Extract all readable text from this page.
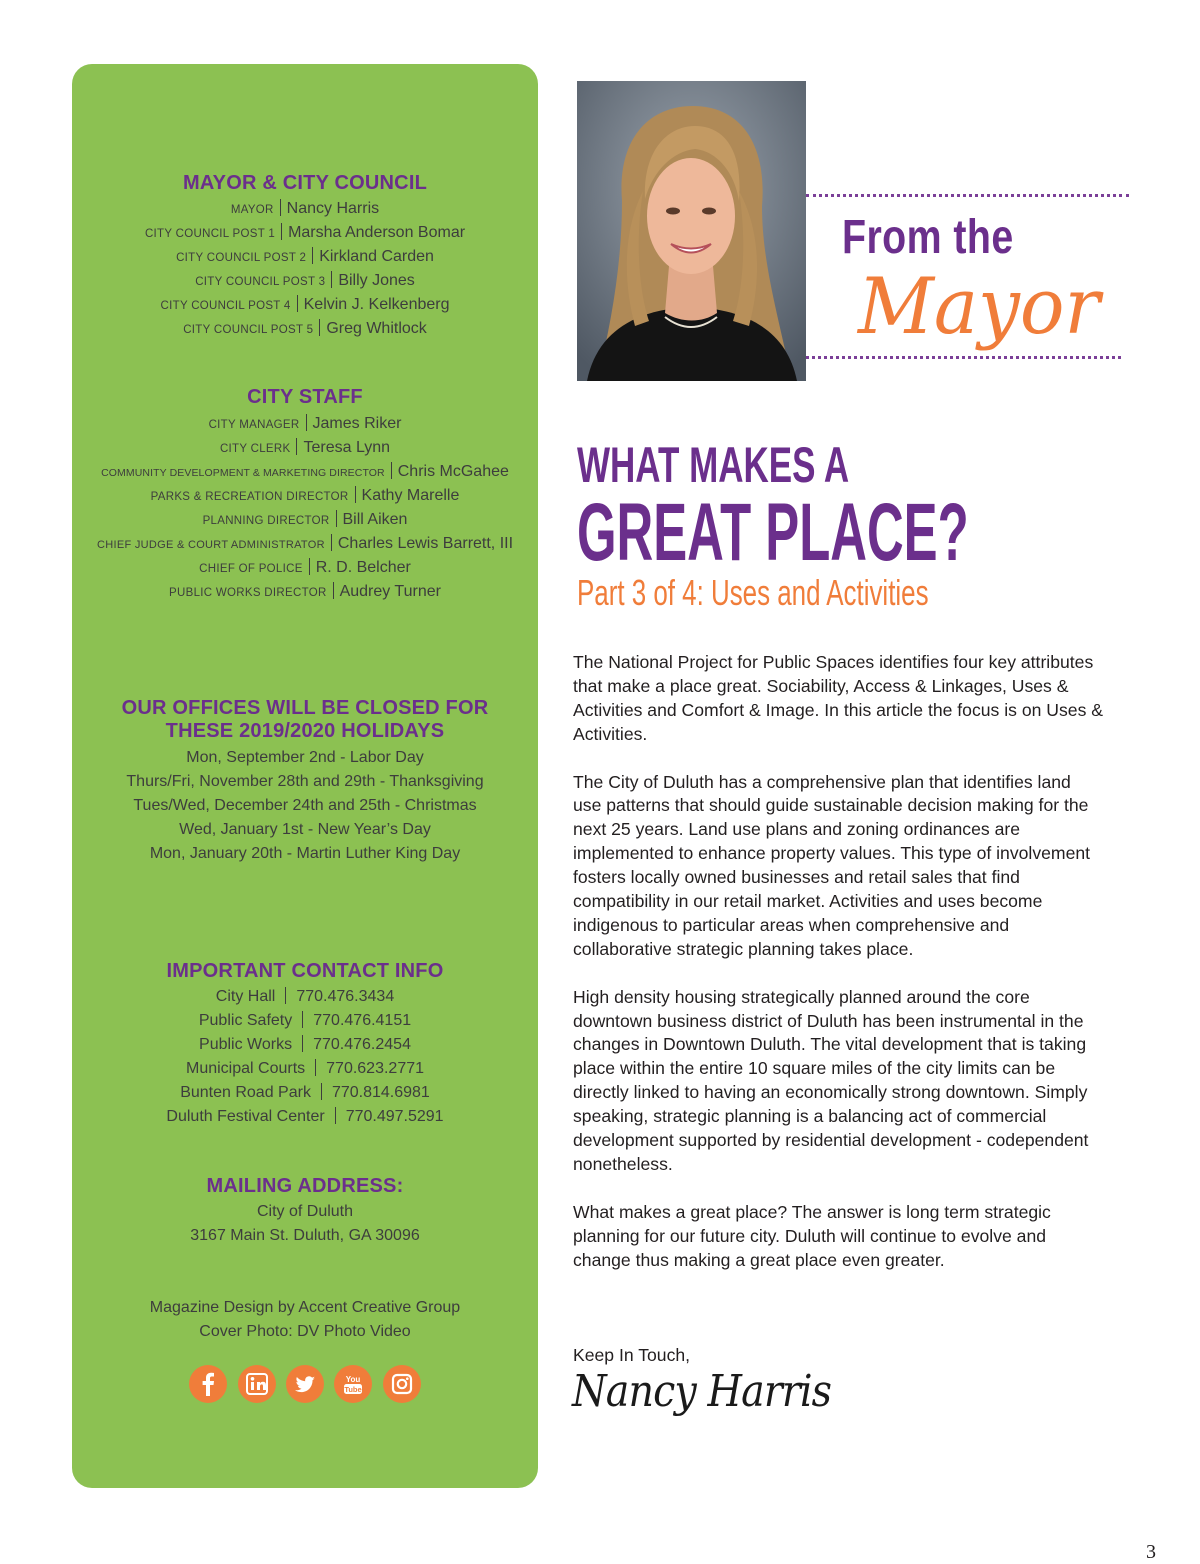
MAYOR & CITY COUNCIL
MAYOR Nancy Harris
CITY COUNCIL POST 1 Marsha Anderson Bomar
CITY COUNCIL POST 2 Kirkland Carden
CITY COUNCIL POST 3 Billy Jones
CITY COUNCIL POST 4 Kelvin J. Kelkenberg
CITY COUNCIL POST 5 Greg Whitlock
CITY STAFF
CITY MANAGER James Riker
CITY CLERK Teresa Lynn
COMMUNITY DEVELOPMENT & MARKETING DIRECTOR Chris McGahee
PARKS & RECREATION DIRECTOR Kathy Marelle
PLANNING DIRECTOR Bill Aiken
CHIEF JUDGE & COURT ADMINISTRATOR Charles Lewis Barrett, III
CHIEF OF POLICE R. D. Belcher
PUBLIC WORKS DIRECTOR Audrey Turner
OUR OFFICES WILL BE CLOSED FOR
THESE 2019/2020 HOLIDAYS
Mon, September 2nd - Labor Day
Thurs/Fri, November 28th and 29th - Thanksgiving
Tues/Wed, December 24th and 25th - Christmas
Wed, January 1st - New Year’s Day
Mon, January 20th - Martin Luther King Day
IMPORTANT CONTACT INFO
City Hall 770.476.3434
Public Safety 770.476.4151
Public Works 770.476.2454
Municipal Courts 770.623.2771
Bunten Road Park 770.814.6981
Duluth Festival Center 770.497.5291
MAILING ADDRESS:
City of Duluth
3167 Main St. Duluth, GA 30096
Magazine Design by Accent Creative Group
Cover Photo: DV Photo Video

You
Tube

From the
Mayor
WHAT MAKES A
GREAT PLACE?
Part 3 of 4: Uses and Activities

The National Project for Public Spaces identifies four key attributes that make a place great. Sociability, Access & Linkages, Uses & Activities and Comfort & Image. In this article the focus is on Uses & Activities.

The City of Duluth has a comprehensive plan that identifies land use patterns that should guide sustainable decision making for the next 25 years. Land use plans and zoning ordinances are implemented to enhance property values. This type of involvement fosters locally owned businesses and retail sales that find compatibility in our retail market. Activities and uses become indigenous to particular areas when comprehensive and collaborative strategic planning takes place.

High density housing strategically planned around the core downtown business district of Duluth has been instrumental in the changes in Downtown Duluth. The vital development that is taking place within the entire 10 square miles of the city limits can be directly linked to having an economically strong downtown. Simply speaking, strategic planning is a balancing act of commercial development supported by residential development - codependent nonetheless.

What makes a great place? The answer is long term strategic planning for our future city. Duluth will continue to evolve and change thus making a great place even greater.

Keep In Touch,
Nancy Harris
3
